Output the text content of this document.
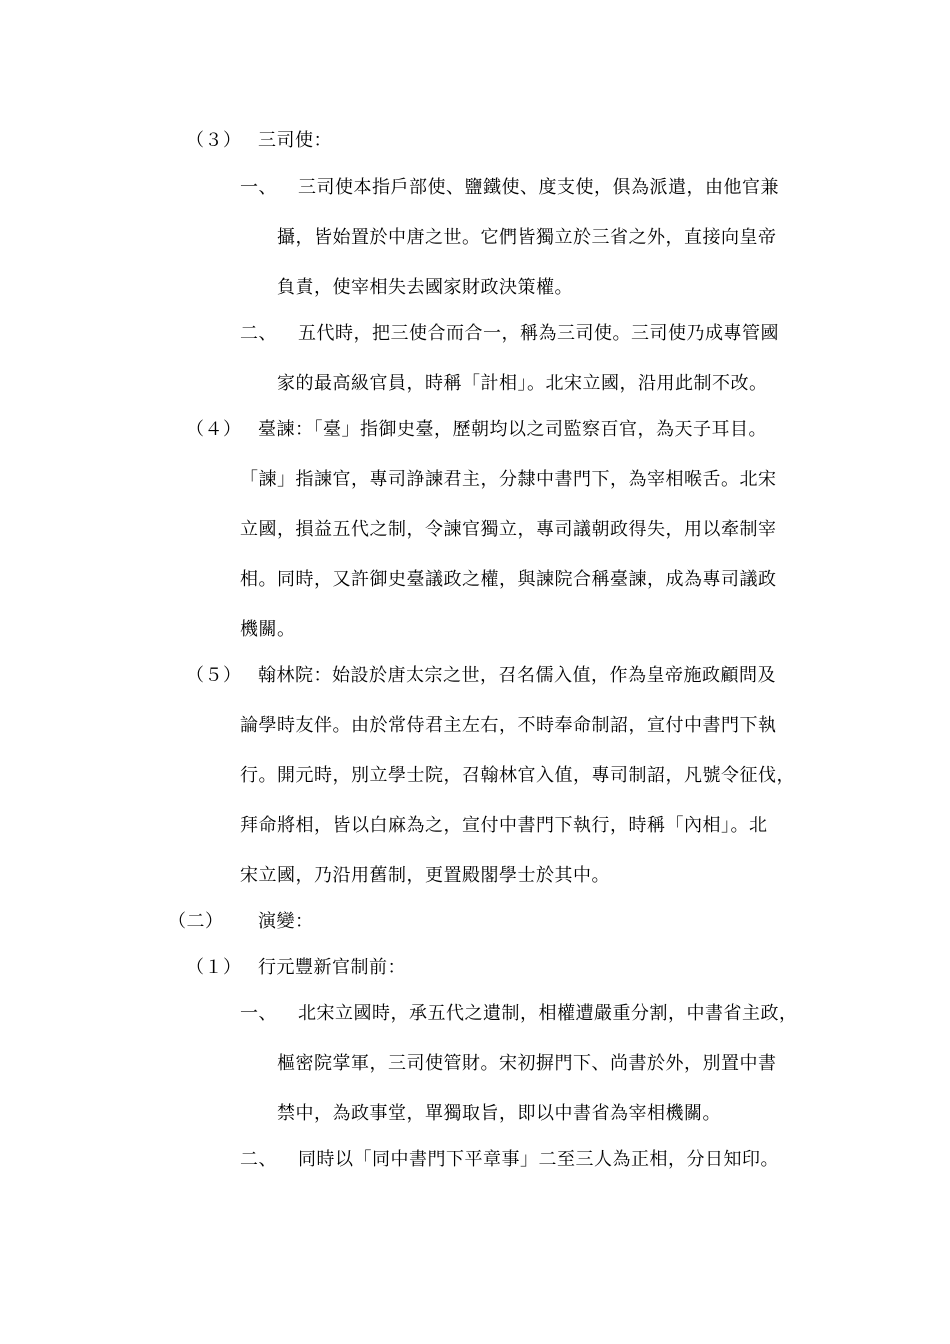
（３） 三司使：
一、 三司使本指戶部使、鹽鐵使、度支使，俱為派遣，由他官兼
攝，皆始置於中唐之世。它們皆獨立於三省之外，直接向皇帝
負責，使宰相失去國家財政決策權。
二、 五代時，把三使合而合一，稱為三司使。三司使乃成專管國
家的最高級官員，時稱「計相」。北宋立國，沿用此制不改。
（４） 臺諫：「臺」指御史臺，歷朝均以之司監察百官，為天子耳目。
「諫」指諫官，專司諍諫君主，分隸中書門下，為宰相喉舌。北宋
立國，損益五代之制，令諫官獨立，專司議朝政得失，用以牽制宰
相。同時，又許御史臺議政之權，與諫院合稱臺諫，成為專司議政
機關。
（５） 翰林院：始設於唐太宗之世，召名儒入值，作為皇帝施政顧問及
論學時友伴。由於常侍君主左右，不時奉命制詔，宣付中書門下執
行。開元時，別立學士院，召翰林官入值，專司制詔，凡號令征伐，
拜命將相，皆以白麻為之，宣付中書門下執行，時稱「內相」。北
宋立國，乃沿用舊制，更置殿閣學士於其中。
（二） 演變：
（１） 行元豐新官制前：
一、 北宋立國時，承五代之遺制，相權遭嚴重分割，中書省主政，
樞密院掌軍，三司使管財。宋初摒門下、尚書於外，別置中書
禁中，為政事堂，單獨取旨，即以中書省為宰相機關。
二、 同時以「同中書門下平章事」二至三人為正相，分日知印。
